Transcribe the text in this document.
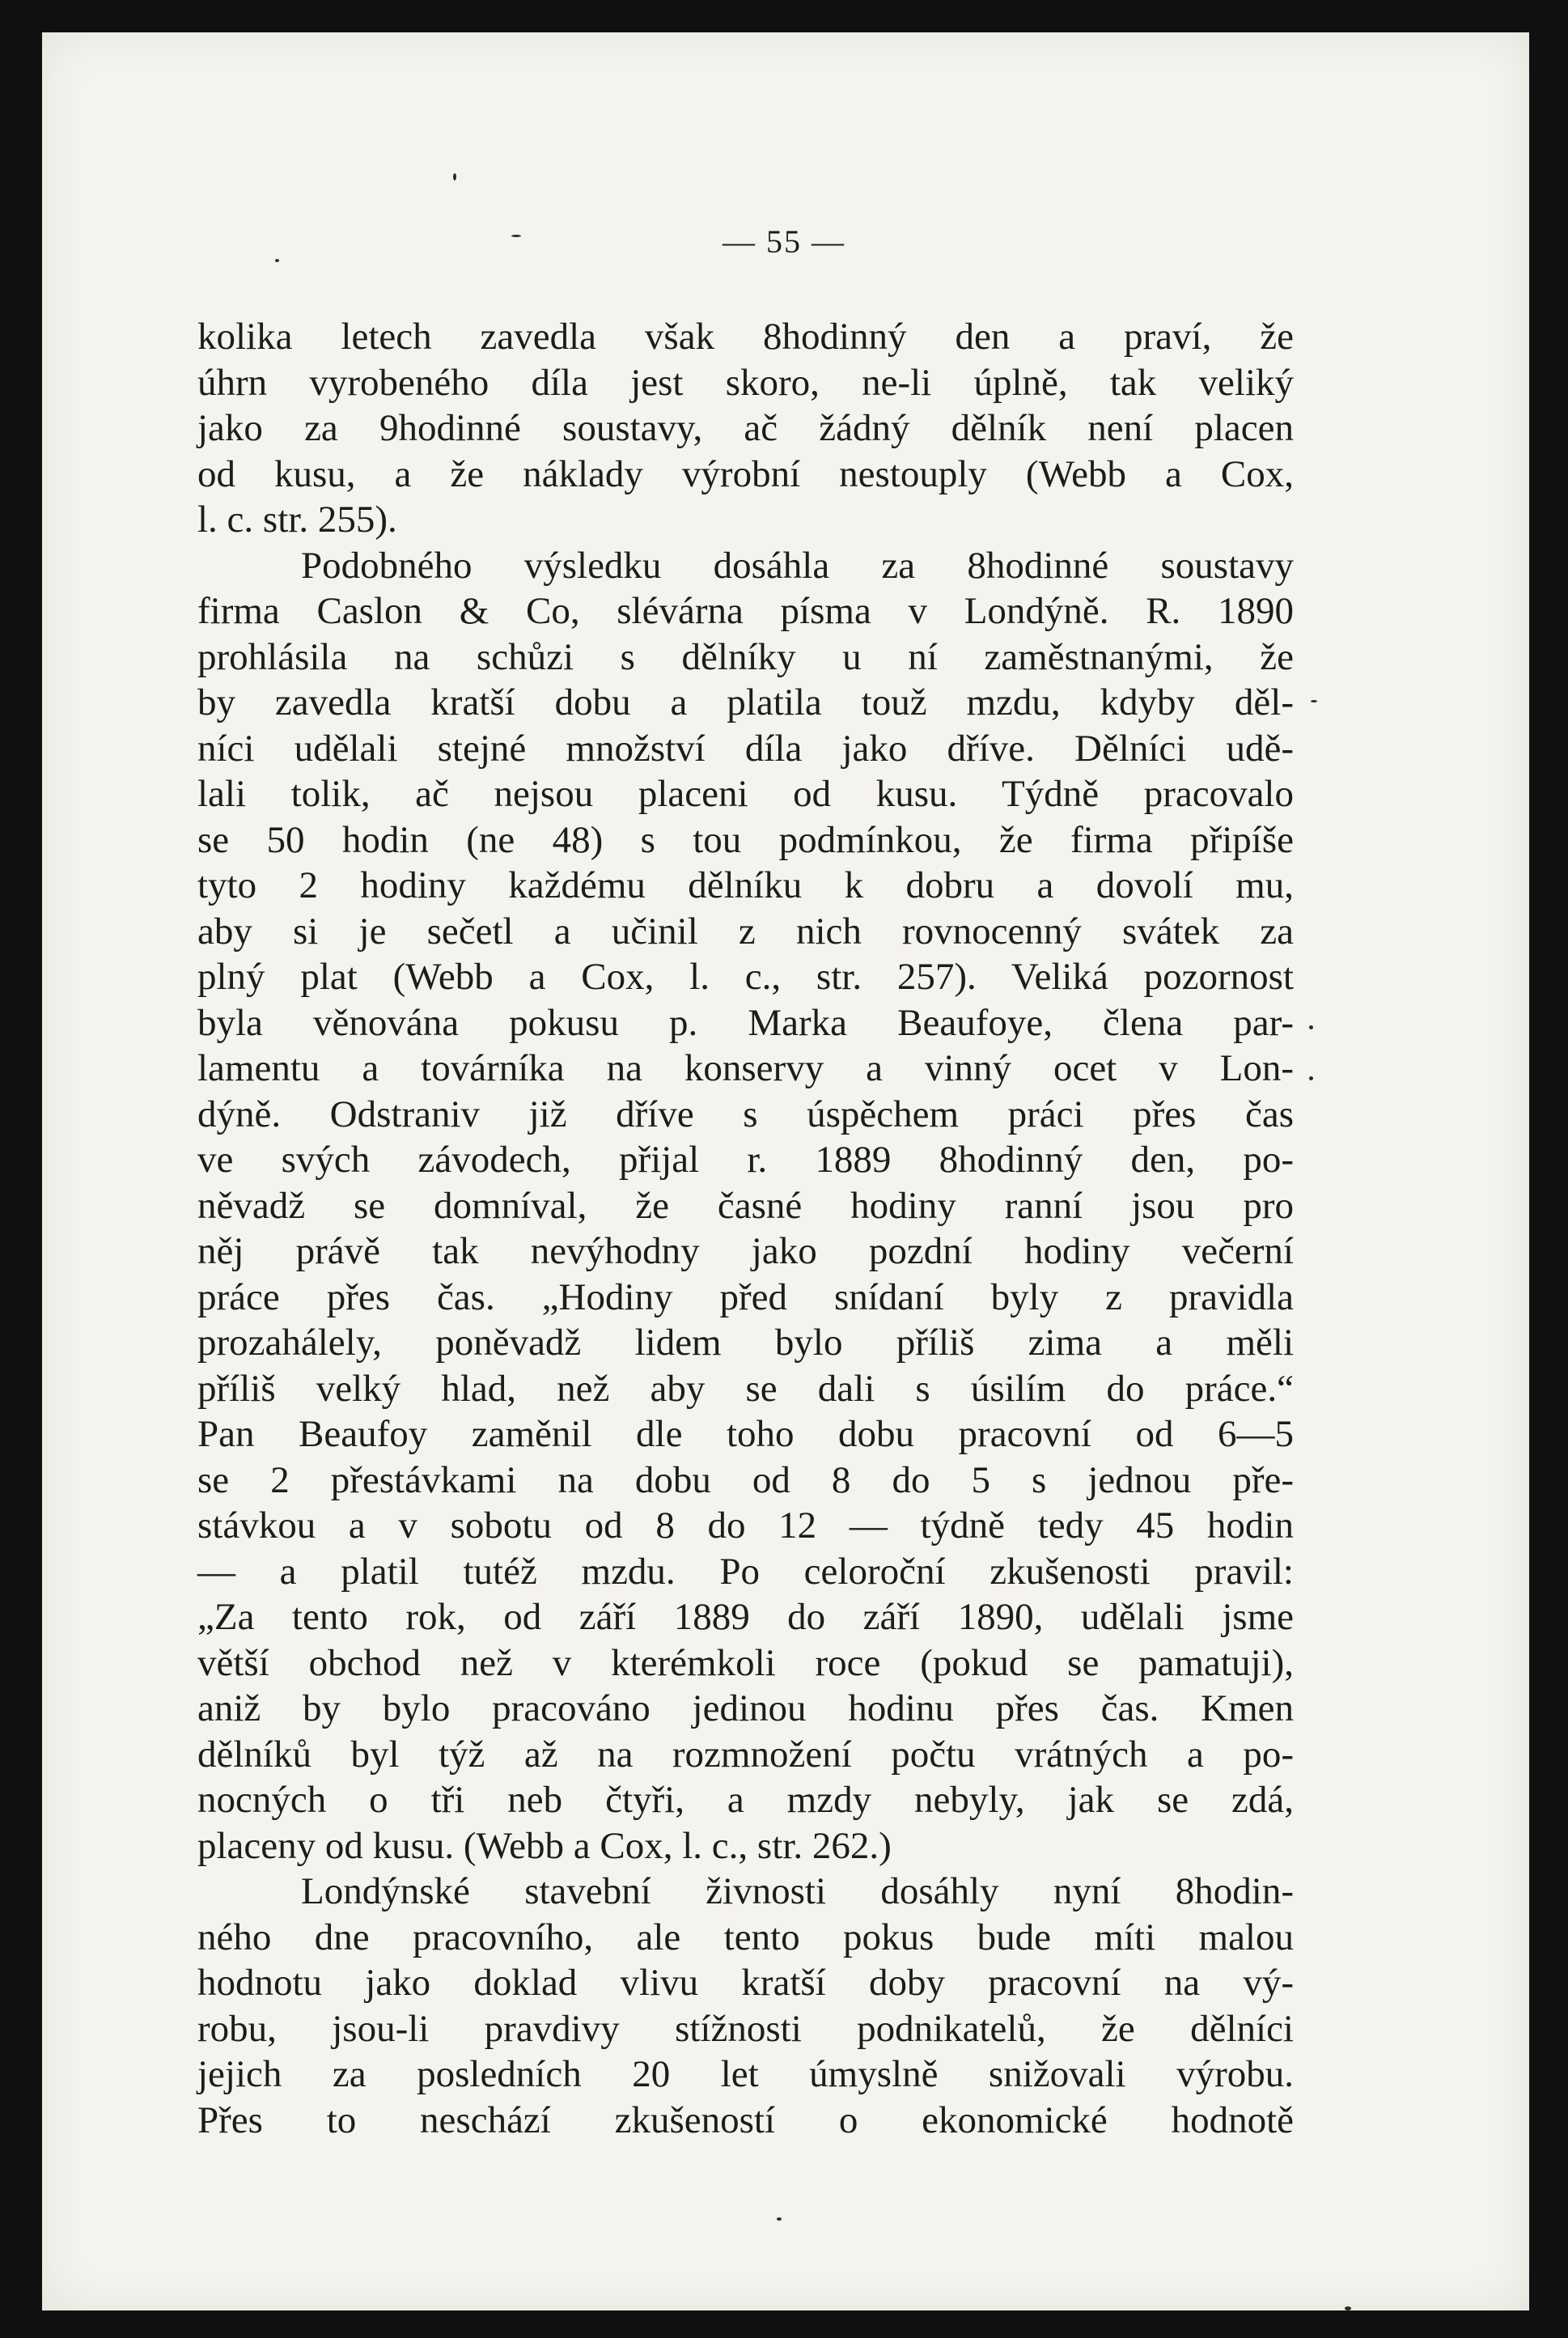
— 55 —
kolika letech zavedla však 8hodinný den a praví, že
úhrn vyrobeného díla jest skoro, ne-li úplně, tak veliký
jako za 9hodinné soustavy, ač žádný dělník není placen
od kusu, a že náklady výrobní nestouply (Webb a Cox,
l. c. str. 255).
Podobného výsledku dosáhla za 8hodinné soustavy
firma Caslon & Co, slévárna písma v Londýně. R. 1890
prohlásila na schůzi s dělníky u ní zaměstnanými, že
by zavedla kratší dobu a platila touž mzdu, kdyby děl-
níci udělali stejné množství díla jako dříve. Dělníci udě-
lali tolik, ač nejsou placeni od kusu. Týdně pracovalo
se 50 hodin (ne 48) s tou podmínkou, že firma připíše
tyto 2 hodiny každému dělníku k dobru a dovolí mu,
aby si je sečetl a učinil z nich rovnocenný svátek za
plný plat (Webb a Cox, l. c., str. 257). Veliká pozornost
byla věnována pokusu p. Marka Beaufoye, člena par-
lamentu a továrníka na konservy a vinný ocet v Lon-
dýně. Odstraniv již dříve s úspěchem práci přes čas
ve svých závodech, přijal r. 1889 8hodinný den, po-
něvadž se domníval, že časné hodiny ranní jsou pro
něj právě tak nevýhodny jako pozdní hodiny večerní
práce přes čas. „Hodiny před snídaní byly z pravidla
prozahálely, poněvadž lidem bylo příliš zima a měli
příliš velký hlad, než aby se dali s úsilím do práce.“
Pan Beaufoy zaměnil dle toho dobu pracovní od 6—5
se 2 přestávkami na dobu od 8 do 5 s jednou pře-
stávkou a v sobotu od 8 do 12 — týdně tedy 45 hodin
— a platil tutéž mzdu. Po celoroční zkušenosti pravil:
„Za tento rok, od září 1889 do září 1890, udělali jsme
větší obchod než v kterémkoli roce (pokud se pamatuji),
aniž by bylo pracováno jedinou hodinu přes čas. Kmen
dělníků byl týž až na rozmnožení počtu vrátných a po-
nocných o tři neb čtyři, a mzdy nebyly, jak se zdá,
placeny od kusu. (Webb a Cox, l. c., str. 262.)
Londýnské stavební živnosti dosáhly nyní 8hodin-
ného dne pracovního, ale tento pokus bude míti malou
hodnotu jako doklad vlivu kratší doby pracovní na vý-
robu, jsou-li pravdivy stížnosti podnikatelů, že dělníci
jejich za posledních 20 let úmyslně snižovali výrobu.
Přes to neschází zkušeností o ekonomické hodnotě
